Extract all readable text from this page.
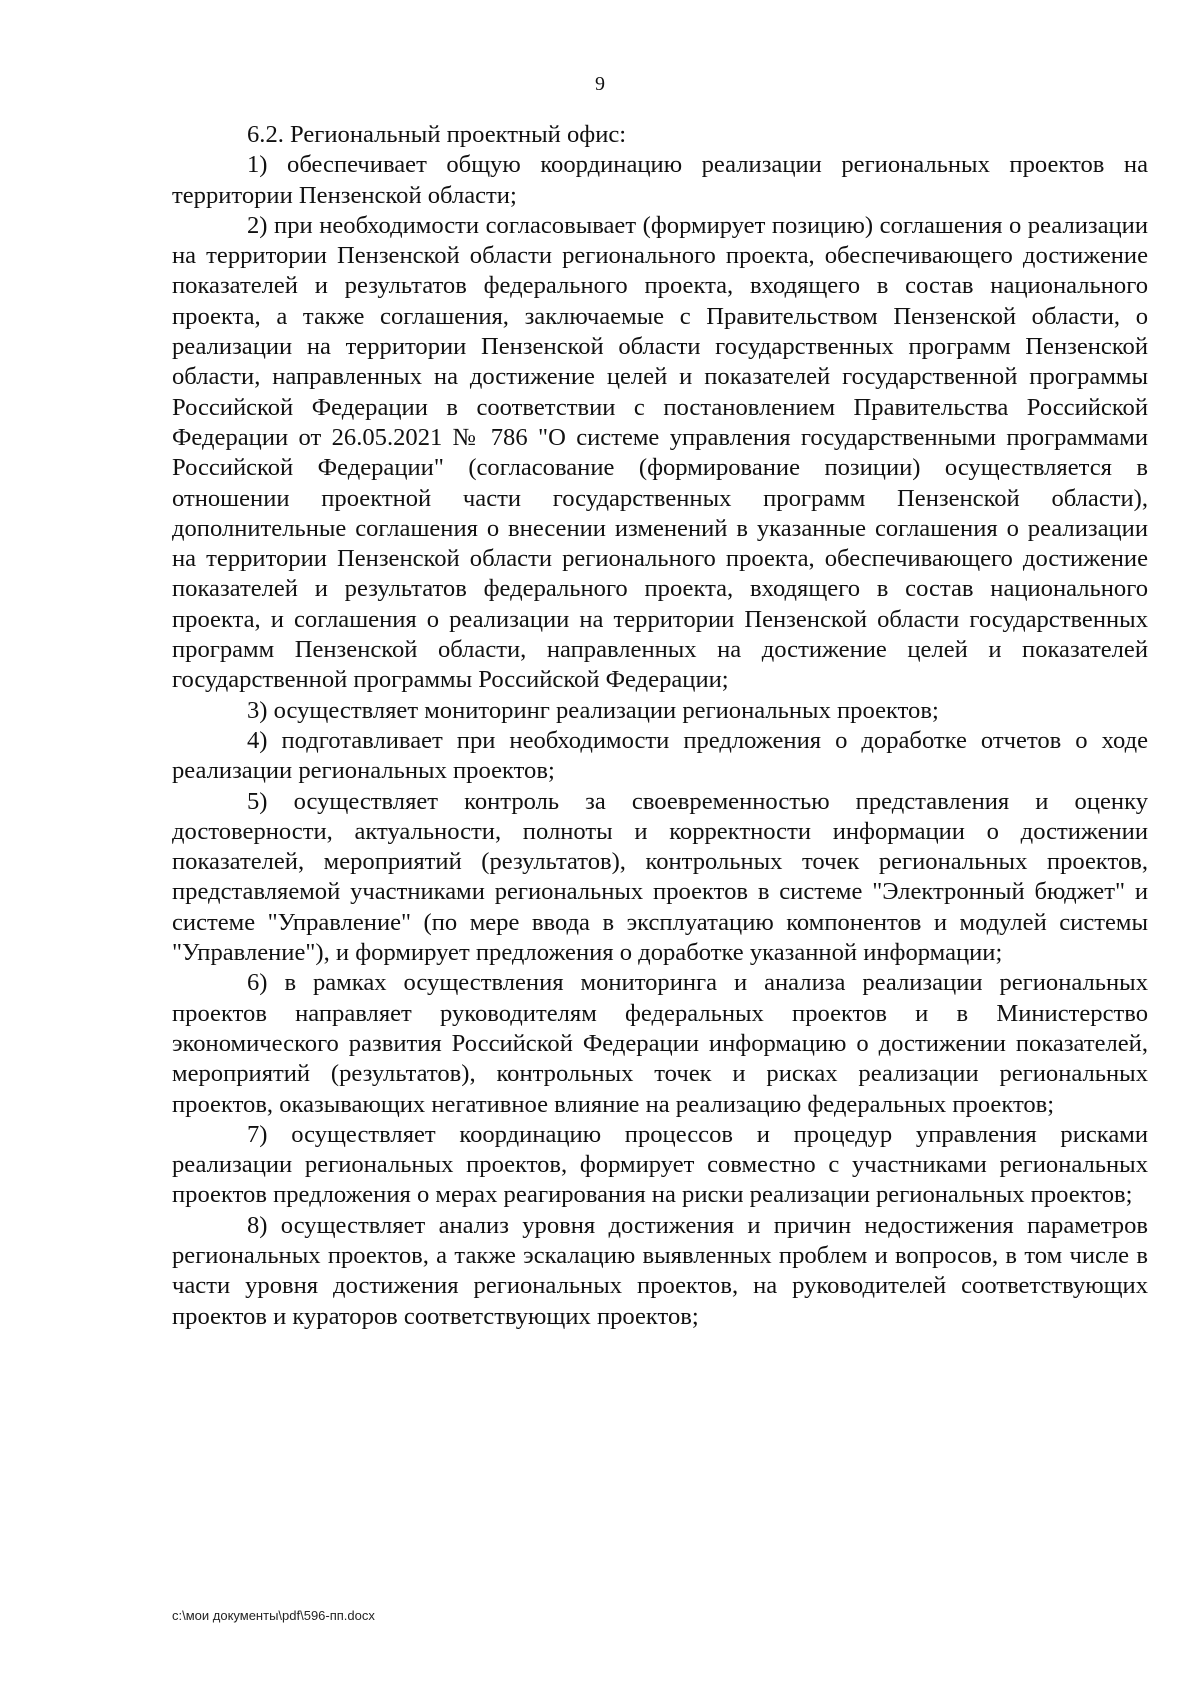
9

6.2. Региональный проектный офис:

1) обеспечивает общую координацию реализации региональных проектов на территории Пензенской области;

2) при необходимости согласовывает (формирует позицию) соглашения о реализации на территории Пензенской области регионального проекта, обеспечивающего достижение показателей и результатов федерального проекта, входящего в состав национального проекта, а также соглашения, заключаемые с Правительством Пензенской области, о реализации на территории Пензенской области государственных программ Пензенской области, направленных на достижение целей и показателей государственной программы Российской Федерации в соответствии с постановлением Правительства Российской Федерации от 26.05.2021 № 786 "О системе управления государственными программами Российской Федерации" (согласование (формирование позиции) осуществляется в отношении проектной части государственных программ Пензенской области), дополнительные соглашения о внесении изменений в указанные соглашения о реализации на территории Пензенской области регионального проекта, обеспечивающего достижение показателей и результатов федерального проекта, входящего в состав национального проекта, и соглашения о реализации на территории Пензенской области государственных программ Пензенской области, направленных на достижение целей и показателей государственной программы Российской Федерации;

3) осуществляет мониторинг реализации региональных проектов;

4) подготавливает при необходимости предложения о доработке отчетов о ходе реализации региональных проектов;

5) осуществляет контроль за своевременностью представления и оценку достоверности, актуальности, полноты и корректности информации о достижении показателей, мероприятий (результатов), контрольных точек региональных проектов, представляемой участниками региональных проектов в системе "Электронный бюджет" и системе "Управление" (по мере ввода в эксплуатацию компонентов и модулей системы "Управление"), и формирует предложения о доработке указанной информации;

6) в рамках осуществления мониторинга и анализа реализации региональных проектов направляет руководителям федеральных проектов и в Министерство экономического развития Российской Федерации информацию о достижении показателей, мероприятий (результатов), контрольных точек и рисках реализации региональных проектов, оказывающих негативное влияние на реализацию федеральных проектов;

7) осуществляет координацию процессов и процедур управления рисками реализации региональных проектов, формирует совместно с участниками региональных проектов предложения о мерах реагирования на риски реализации региональных проектов;

8) осуществляет анализ уровня достижения и причин недостижения параметров региональных проектов, а также эскалацию выявленных проблем и вопросов, в том числе в части уровня достижения региональных проектов, на руководителей соответствующих проектов и кураторов соответствующих проектов;

c:\мои документы\pdf\596-пп.docx
